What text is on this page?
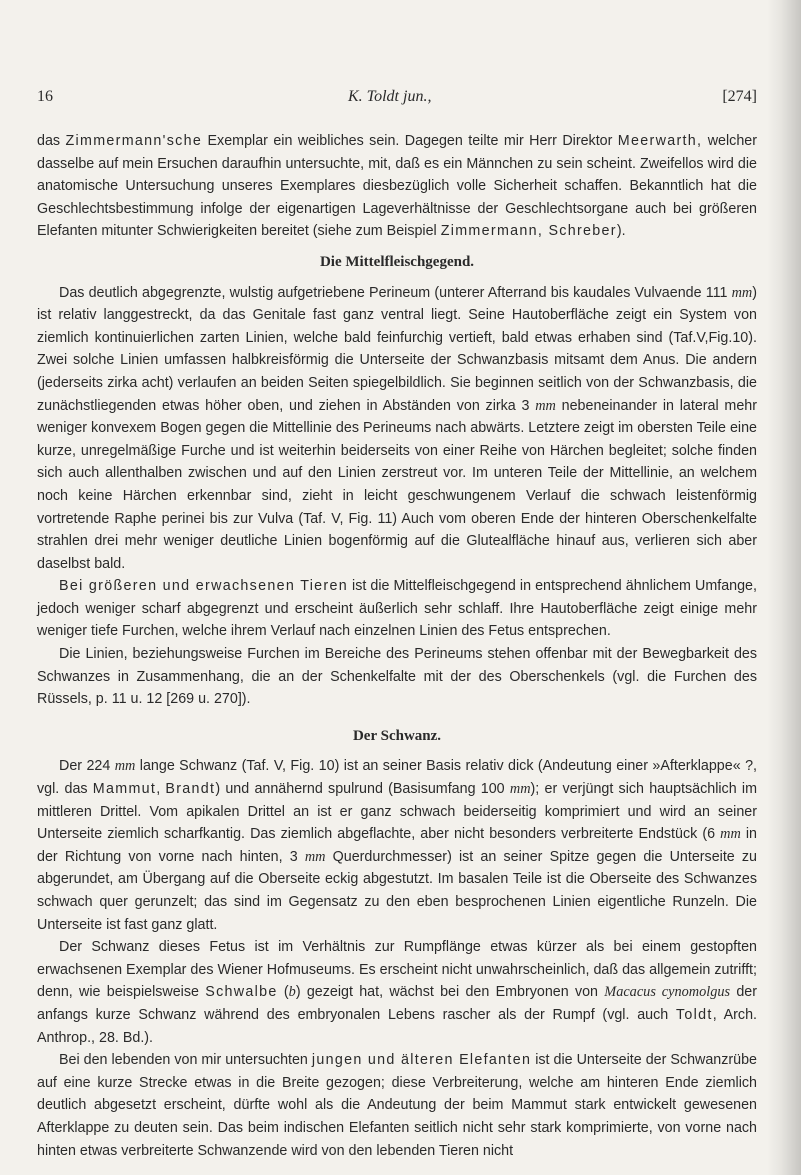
16	K. Toldt jun.,	[274]

das Zimmermann'sche Exemplar ein weibliches sein. Dagegen teilte mir Herr Direktor Meerwarth, welcher dasselbe auf mein Ersuchen daraufhin untersuchte, mit, daß es ein Männchen zu sein scheint. Zweifellos wird die anatomische Untersuchung unseres Exemplares diesbezüglich volle Sicherheit schaffen. Bekanntlich hat die Geschlechtsbestimmung infolge der eigenartigen Lageverhältnisse der Geschlechtsorgane auch bei größeren Elefanten mitunter Schwierigkeiten bereitet (siehe zum Beispiel Zimmermann, Schreber).

Die Mittelfleischgegend.

Das deutlich abgegrenzte, wulstig aufgetriebene Perineum (unterer Afterrand bis kaudales Vulvaende 111 mm) ist relativ langgestreckt, da das Genitale fast ganz ventral liegt. Seine Hautoberfläche zeigt ein System von ziemlich kontinuierlichen zarten Linien, welche bald feinfurchig vertieft, bald etwas erhaben sind (Taf.V,Fig.10). Zwei solche Linien umfassen halbkreisförmig die Unterseite der Schwanzbasis mitsamt dem Anus. Die andern (jederseits zirka acht) verlaufen an beiden Seiten spiegelbildlich. Sie beginnen seitlich von der Schwanzbasis, die zunächstliegenden etwas höher oben, und ziehen in Abständen von zirka 3 mm nebeneinander in lateral mehr weniger konvexem Bogen gegen die Mittellinie des Perineums nach abwärts. Letztere zeigt im obersten Teile eine kurze, unregelmäßige Furche und ist weiterhin beiderseits von einer Reihe von Härchen begleitet; solche finden sich auch allenthalben zwischen und auf den Linien zerstreut vor. Im unteren Teile der Mittellinie, an welchem noch keine Härchen erkennbar sind, zieht in leicht geschwungenem Verlauf die schwach leistenförmig vortretende Raphe perinei bis zur Vulva (Taf. V, Fig. 11) Auch vom oberen Ende der hinteren Oberschenkelfalte strahlen drei mehr weniger deutliche Linien bogenförmig auf die Glutealfläche hinauf aus, verlieren sich aber daselbst bald.

Bei größeren und erwachsenen Tieren ist die Mittelfleischgegend in entsprechend ähnlichem Umfange, jedoch weniger scharf abgegrenzt und erscheint äußerlich sehr schlaff. Ihre Hautoberfläche zeigt einige mehr weniger tiefe Furchen, welche ihrem Verlauf nach einzelnen Linien des Fetus entsprechen.

Die Linien, beziehungsweise Furchen im Bereiche des Perineums stehen offenbar mit der Bewegbarkeit des Schwanzes in Zusammenhang, die an der Schenkelfalte mit der des Oberschenkels (vgl. die Furchen des Rüssels, p. 11 u. 12 [269 u. 270]).

Der Schwanz.

Der 224 mm lange Schwanz (Taf. V, Fig. 10) ist an seiner Basis relativ dick (Andeutung einer »Afterklappe« ?, vgl. das Mammut, Brandt) und annähernd spulrund (Basisumfang 100 mm); er verjüngt sich hauptsächlich im mittleren Drittel. Vom apikalen Drittel an ist er ganz schwach beiderseitig komprimiert und wird an seiner Unterseite ziemlich scharfkantig. Das ziemlich abgeflachte, aber nicht besonders verbreiterte Endstück (6 mm in der Richtung von vorne nach hinten, 3 mm Querdurchmesser) ist an seiner Spitze gegen die Unterseite zu abgerundet, am Übergang auf die Oberseite eckig abgestutzt. Im basalen Teile ist die Oberseite des Schwanzes schwach quer gerunzelt; das sind im Gegensatz zu den eben besprochenen Linien eigentliche Runzeln. Die Unterseite ist fast ganz glatt.

Der Schwanz dieses Fetus ist im Verhältnis zur Rumpflänge etwas kürzer als bei einem gestopften erwachsenen Exemplar des Wiener Hofmuseums. Es erscheint nicht unwahrscheinlich, daß das allgemein zutrifft; denn, wie beispielsweise Schwalbe (b) gezeigt hat, wächst bei den Embryonen von Macacus cynomolgus der anfangs kurze Schwanz während des embryonalen Lebens rascher als der Rumpf (vgl. auch Toldt, Arch. Anthrop., 28. Bd.).

Bei den lebenden von mir untersuchten jungen und älteren Elefanten ist die Unterseite der Schwanzrübe auf eine kurze Strecke etwas in die Breite gezogen; diese Verbreiterung, welche am hinteren Ende ziemlich deutlich abgesetzt erscheint, dürfte wohl als die Andeutung der beim Mammut stark entwickelt gewesenen Afterklappe zu deuten sein. Das beim indischen Elefanten seitlich nicht sehr stark komprimierte, von vorne nach hinten etwas verbreiterte Schwanzende wird von den lebenden Tieren nicht
